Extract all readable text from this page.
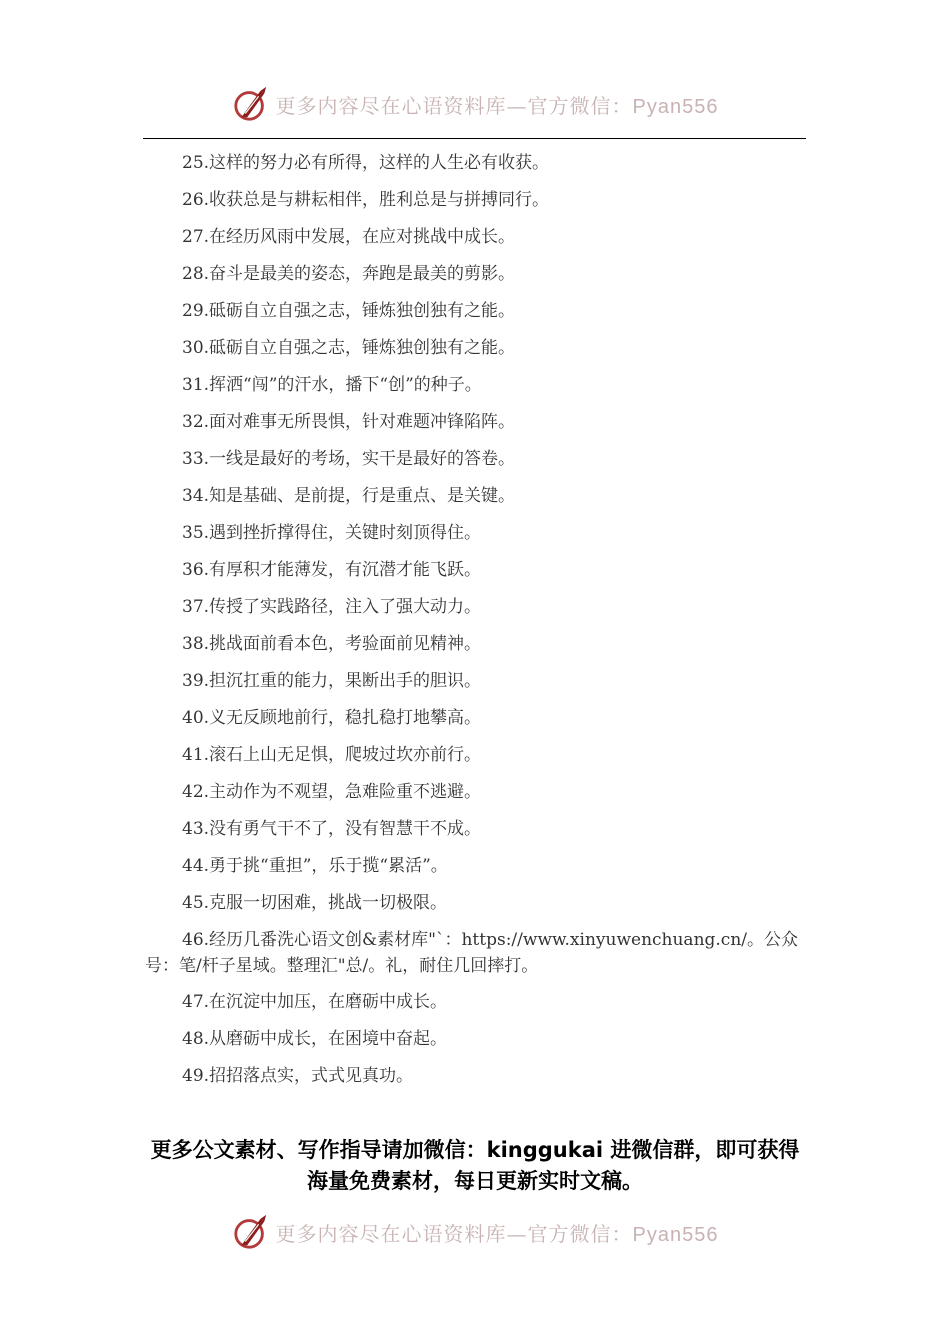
更多内容尽在心语资料库—官方微信：Pyan556
25.这样的努力必有所得，这样的人生必有收获。
26.收获总是与耕耘相伴，胜利总是与拼搏同行。
27.在经历风雨中发展，在应对挑战中成长。
28.奋斗是最美的姿态，奔跑是最美的剪影。
29.砥砺自立自强之志，锤炼独创独有之能。
30.砥砺自立自强之志，锤炼独创独有之能。
31.挥洒“闯”的汗水，播下“创”的种子。
32.面对难事无所畏惧，针对难题冲锋陷阵。
33.一线是最好的考场，实干是最好的答卷。
34.知是基础、是前提，行是重点、是关键。
35.遇到挫折撑得住，关键时刻顶得住。
36.有厚积才能薄发，有沉潜才能飞跃。
37.传授了实践路径，注入了强大动力。
38.挑战面前看本色，考验面前见精神。
39.担沉扛重的能力，果断出手的胆识。
40.义无反顾地前行，稳扎稳打地攀高。
41.滚石上山无足惧，爬坡过坎亦前行。
42.主动作为不观望，急难险重不逃避。
43.没有勇气干不了，没有智慧干不成。
44.勇于挑“重担”，乐于揽“累活”。
45.克服一切困难，挑战一切极限。
46.经历几番洗心语文创&素材库"`：https://www.xinyuwenchuang.cn/。公众号：笔/杆子星域。整理汇"总/。礼，耐住几回摔打。
47.在沉淀中加压，在磨砺中成长。
48.从磨砺中成长，在困境中奋起。
49.招招落点实，式式见真功。
更多公文素材、写作指导请加微信：kinggukai 进微信群，即可获得海量免费素材，每日更新实时文稿。
更多内容尽在心语资料库—官方微信：Pyan556
